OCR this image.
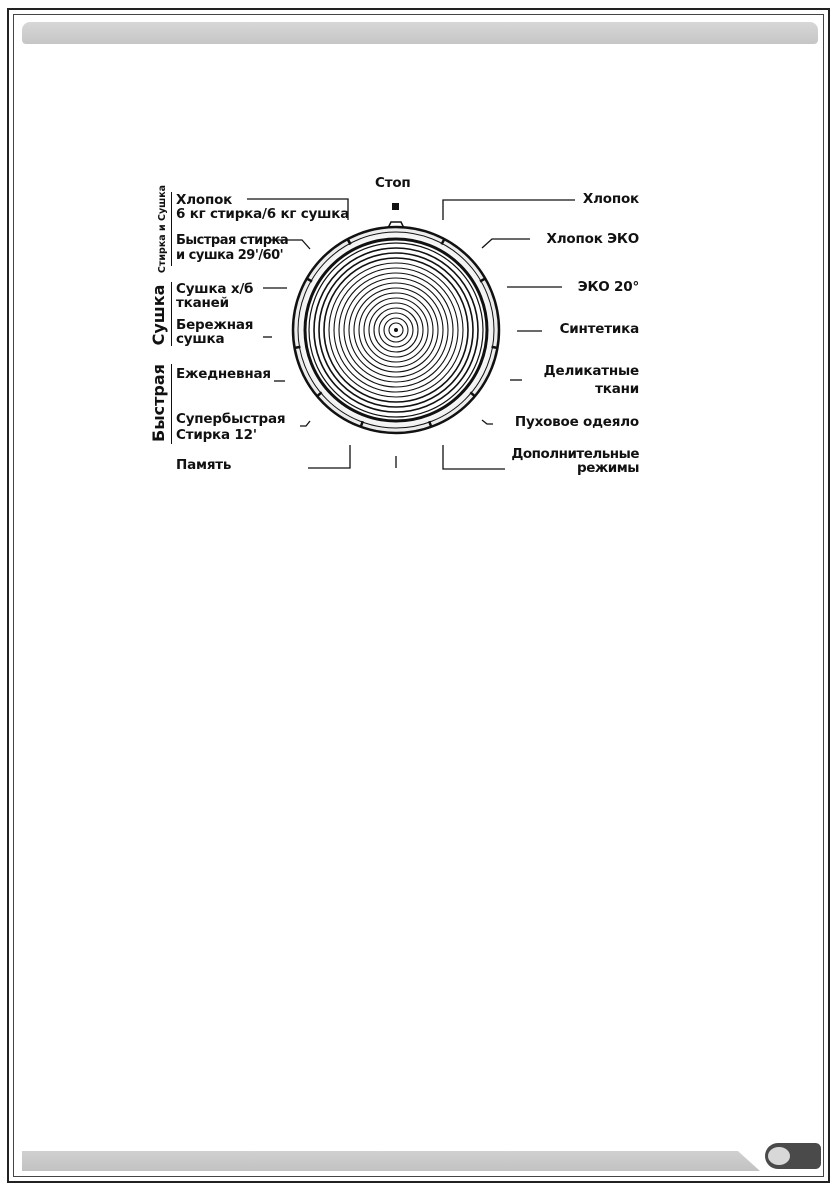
Стоп
Хлопок
6 кг стирка/6 кг сушка
Быстрая стирка
и сушка 29'/60'
Сушка х/б
тканей
Бережная
сушка
Ежедневная
Супербыстрая
Стирка 12'
Память
Хлопок
Хлопок ЭКО
ЭКО 20°
Синтетика
Деликатные
ткани
Пуховое одеяло
Дополнительные
режимы
Стирка и Сушка
Сушка
Быстрая
